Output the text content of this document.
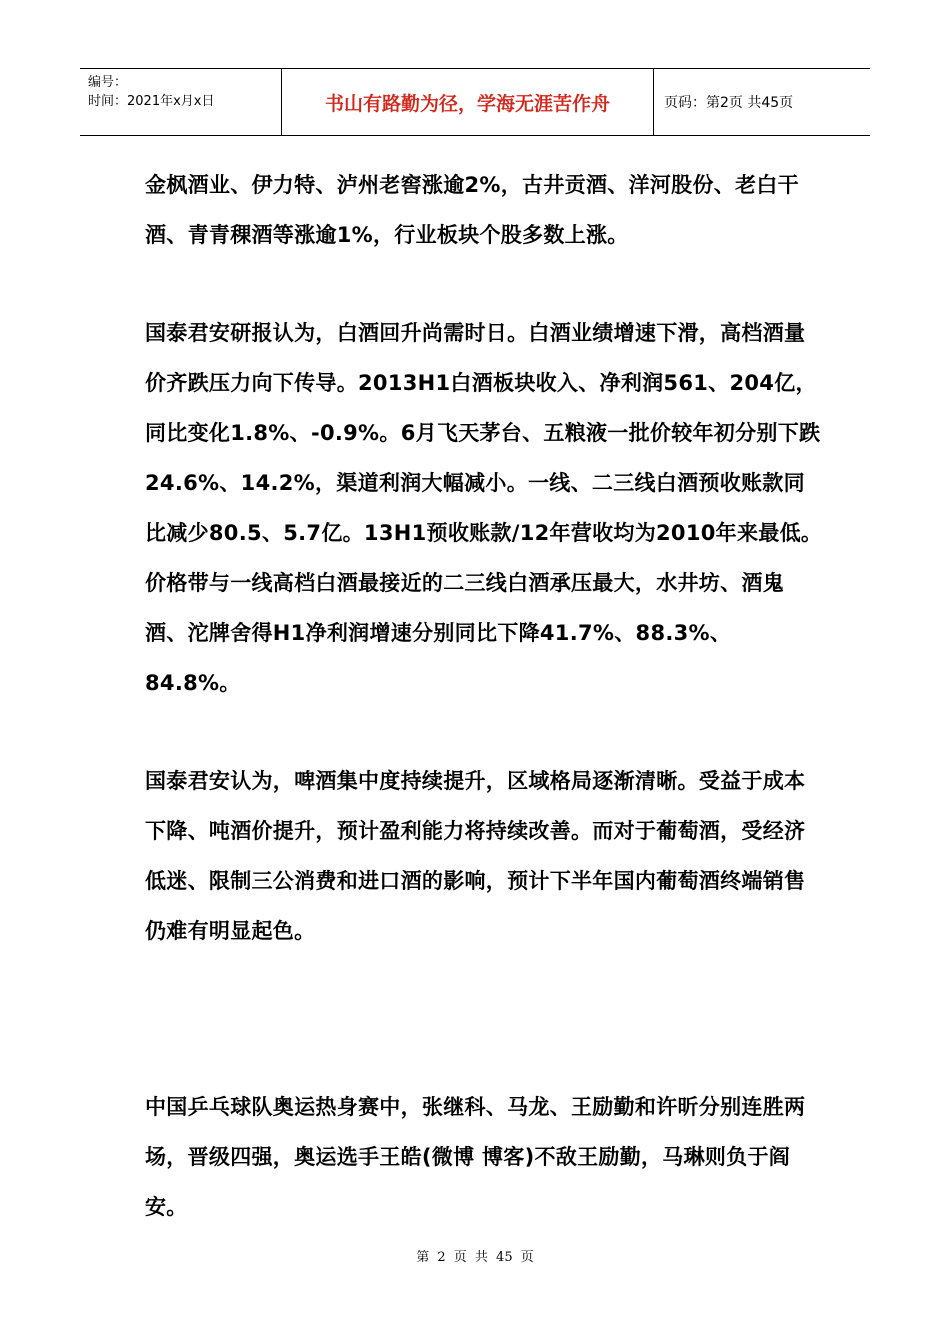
编号：
时间：2021年x月x日	书山有路勤为径，学海无涯苦作舟	页码：第2页 共45页

金枫酒业、伊力特、泸州老窖涨逾2%，古井贡酒、洋河股份、老白干酒、青青稞酒等涨逾1%，行业板块个股多数上涨。

国泰君安研报认为，白酒回升尚需时日。白酒业绩增速下滑，高档酒量价齐跌压力向下传导。2013H1白酒板块收入、净利润561、204亿，同比变化1.8%、-0.9%。6月飞天茅台、五粮液一批价较年初分别下跌24.6%、14.2%，渠道利润大幅减小。一线、二三线白酒预收账款同比减少80.5、5.7亿。13H1预收账款/12年营收均为2010年来最低。价格带与一线高档白酒最接近的二三线白酒承压最大，水井坊、酒鬼酒、沱牌舍得H1净利润增速分别同比下降41.7%、88.3%、84.8%。

国泰君安认为，啤酒集中度持续提升，区域格局逐渐清晰。受益于成本下降、吨酒价提升，预计盈利能力将持续改善。而对于葡萄酒，受经济低迷、限制三公消费和进口酒的影响，预计下半年国内葡萄酒终端销售仍难有明显起色。

中国乒乓球队奥运热身赛中，张继科、马龙、王励勤和许昕分别连胜两场，晋级四强，奥运选手王皓(微博 博客)不敌王励勤，马琳则负于阎安。

第 2 页 共 45 页
